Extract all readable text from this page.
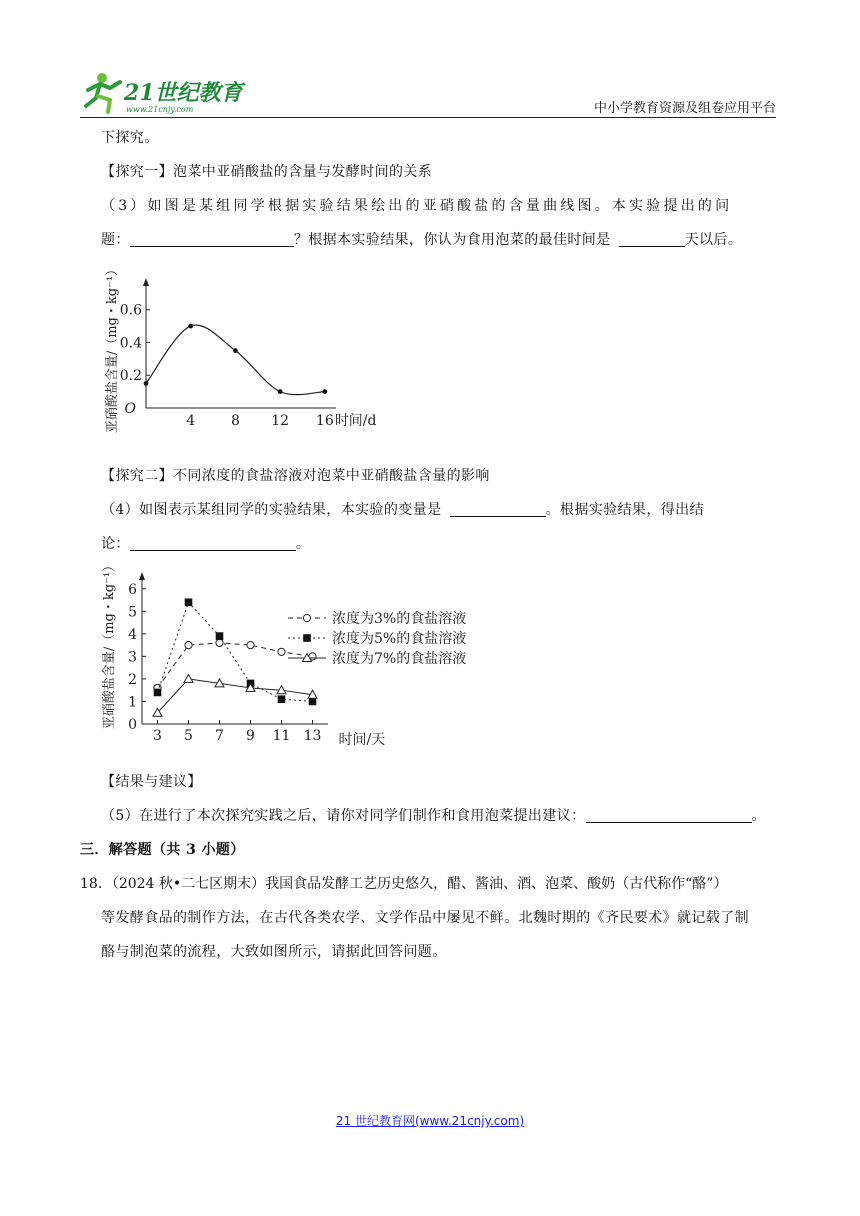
21世纪教育
www.21cnjy.com	中小学教育资源及组卷应用平台
下探究。
【探究一】泡菜中亚硝酸盐的含量与发酵时间的关系
（3）如图是某组同学根据实验结果绘出的亚硝酸盐的含量曲线图。本实验提出的问
题：	？根据本实验结果，你认为食用泡菜的最佳时间是	天以后。
0.2
0.4
0.6
4	8 12 16
O
时间/d
亚硝酸盐含量/（mg・kg⁻¹）
【探究二】不同浓度的食盐溶液对泡菜中亚硝酸盐含量的影响
（4）如图表示某组同学的实验结果，本实验的变量是	。根据实验结果，得出结
论：	。
0
1
2
3
4
5
6
3 5 7 9 11 13 时间/天
亚硝酸盐含量/（mg・kg⁻¹）	浓度为3%的食盐溶液
浓度为5%的食盐溶液
浓度为7%的食盐溶液
【结果与建议】
（5）在进行了本次探究实践之后，请你对同学们制作和食用泡菜提出建议：	。
三．解答题（共 3 小题）
18．（2024 秋•二七区期末）我国食品发酵工艺历史悠久，醋、酱油、酒、泡菜、酸奶（古代称作“酪”）
等发酵食品的制作方法，在古代各类农学、文学作品中屡见不鲜。北魏时期的《齐民要术》就记载了制
酪与制泡菜的流程，大致如图所示，请据此回答问题。
21 世纪教育网(www.21cnjy.com)
